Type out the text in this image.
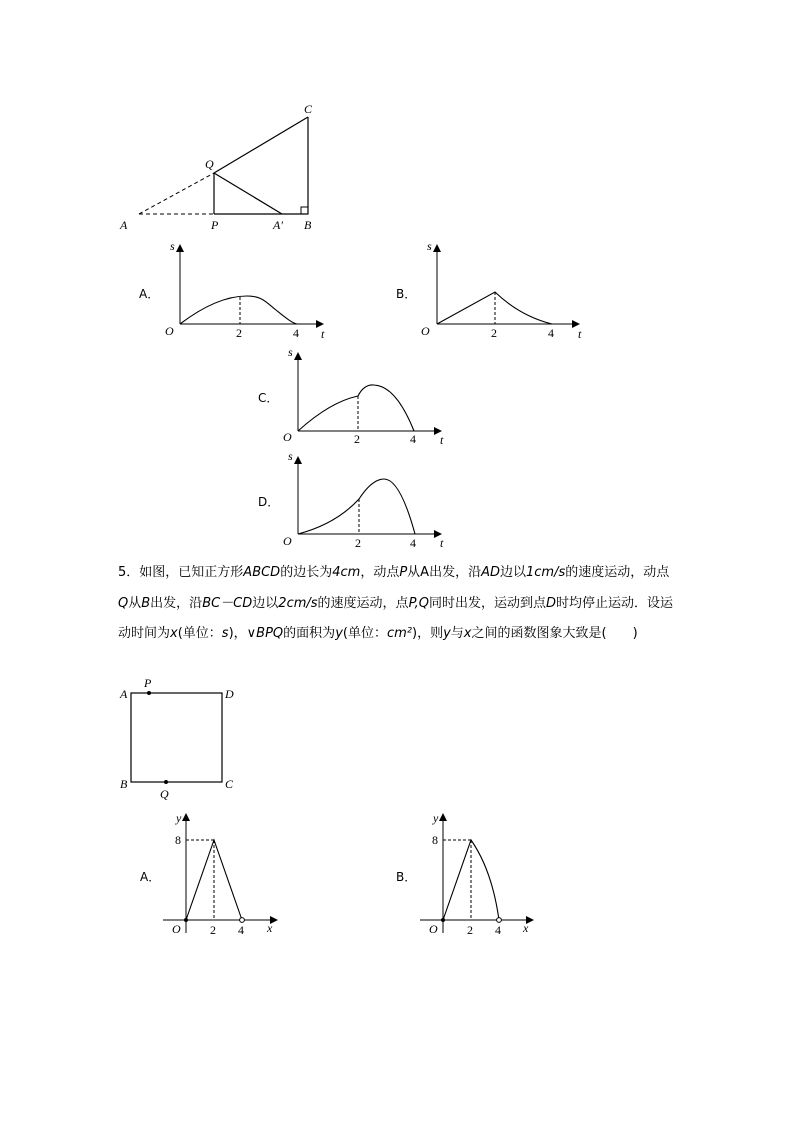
C
Q
A	P	A′ B
A．
s
t
O	2	4
B．
s
t
O	2	4
C．
s
t
O	2	4
D．
s
t
O	2	4

5．如图，已知正方形ABCD的边长为4cm，动点P从A出发，沿AD边以1cm/s的速度运动，动点Q从B出发，沿BC－CD边以2cm/s的速度运动，点P,Q同时出发，运动到点D时均停止运动．设运动时间为x(单位：s)，∨BPQ的面积为y(单位：cm²)，则y与x之间的函数图象大致是(　　)

A
P
D
B
Q
C
A．
y
8
x
O 2 4
B．
y
8
x
O 2 4
